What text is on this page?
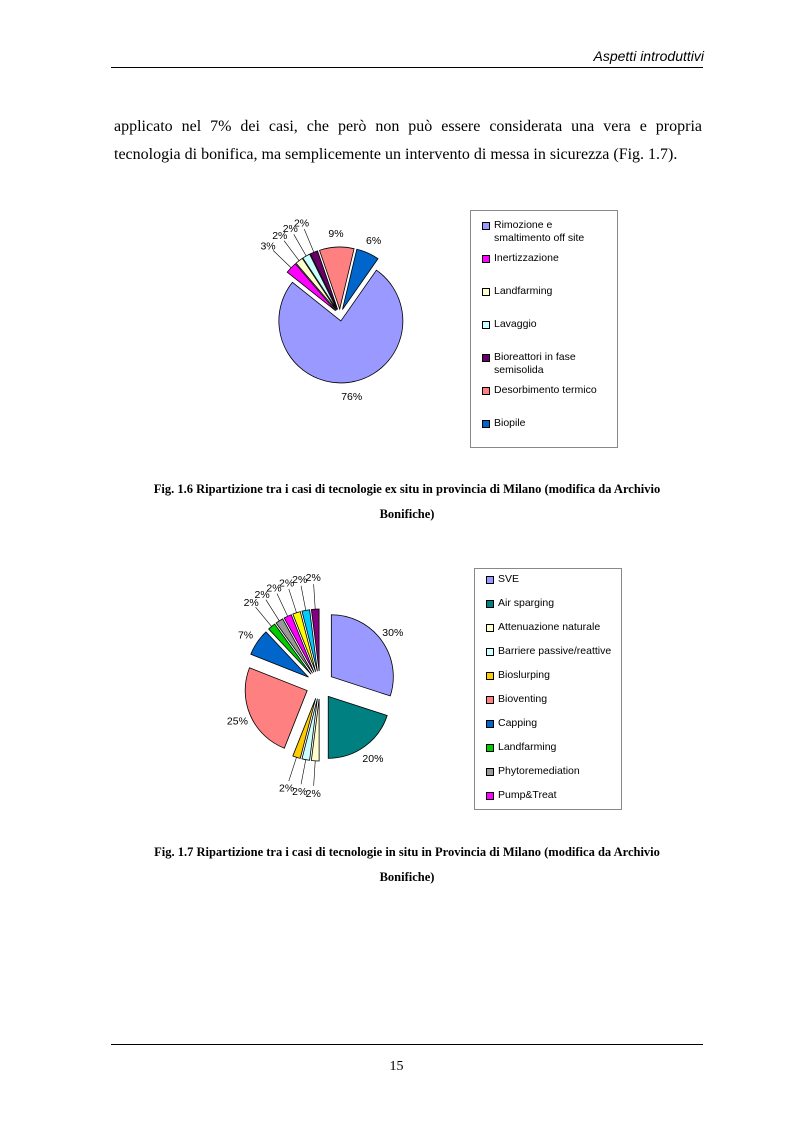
Aspetti introduttivi

applicato nel 7% dei casi, che però non può essere considerata una vera e propria
tecnologia di bonifica, ma semplicemente un intervento di messa in sicurezza (Fig. 1.7).

76%
3%
2%
2%
2%
9%
6%
Rimozione e smaltimento off site
Inertizzazione
Landfarming
Lavaggio
Bioreattori in fase semisolida
Desorbimento termico
Biopile
Fig. 1.6 Ripartizione tra i casi di tecnologie ex situ in provincia di Milano (modifica da Archivio
Bonifiche)
30%
20%
2%
2%
2%
25%
7%
2%
2%
2%
2%
2%
2%	SVE
Air sparging
Attenuazione naturale
Barriere passive/reattive
Bioslurping
Bioventing
Capping
Landfarming
Phytoremediation
Pump&Treat
Fig. 1.7 Ripartizione tra i casi di tecnologie in situ in Provincia di Milano (modifica da Archivio
Bonifiche)
15
